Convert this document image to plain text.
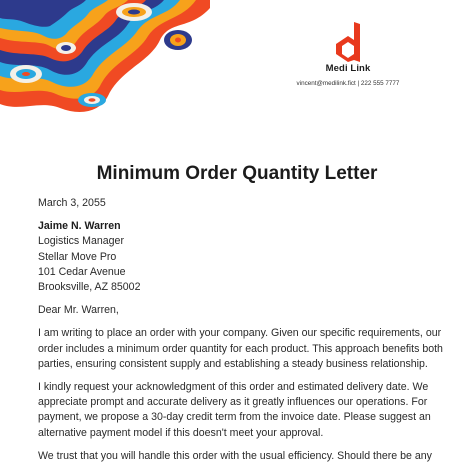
Medi Link
vincent@medilink.fict | 222 555 7777
Minimum Order Quantity Letter
March 3, 2055
Jaime N. Warren
Logistics Manager
Stellar Move Pro
101 Cedar Avenue
Brooksville, AZ 85002
Dear Mr. Warren,
I am writing to place an order with your company. Given our specific requirements, our
order includes a minimum order quantity for each product. This approach benefits both
parties, ensuring consistent supply and establishing a steady business relationship.
I kindly request your acknowledgment of this order and estimated delivery date. We
appreciate prompt and accurate delivery as it greatly influences our operations. For
payment, we propose a 30-day credit term from the invoice date. Please suggest an
alternative payment model if this doesn't meet your approval.
We trust that you will handle this order with the usual efficiency. Should there be any
